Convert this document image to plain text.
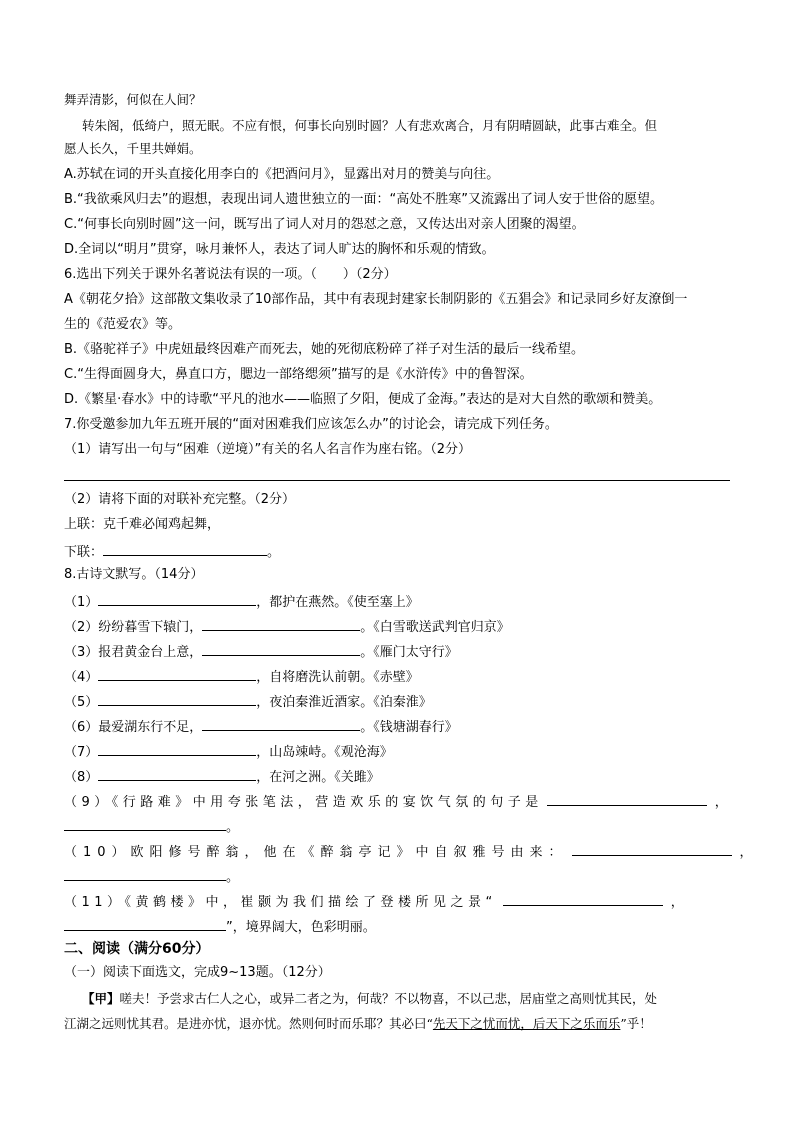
舞弄清影，何似在人间？
转朱阁，低绮户，照无眠。不应有恨，何事长向别时圆？人有悲欢离合，月有阴晴圆缺，此事古难全。但
愿人长久，千里共婵娟。
A.苏轼在词的开头直接化用李白的《把酒问月》，显露出对月的赞美与向往。
B.“我欲乘风归去”的遐想，表现出词人遗世独立的一面：“高处不胜寒”又流露出了词人安于世俗的愿望。
C.“何事长向别时圆”这一问，既写出了词人对月的怨怼之意，又传达出对亲人团聚的渴望。
D.全词以“明月”贯穿，咏月兼怀人，表达了词人旷达的胸怀和乐观的情致。
6.选出下列关于课外名著说法有误的一项。（　　）（2分）
A《朝花夕拾》这部散文集收录了10部作品，其中有表现封建家长制阴影的《五猖会》和记录同乡好友潦倒一
生的《范爱农》等。
B.《骆驼祥子》中虎妞最终因难产而死去，她的死彻底粉碎了祥子对生活的最后一线希望。
C.“生得面圆身大，鼻直口方，腮边一部络缌须”描写的是《水浒传》中的鲁智深。
D.《繁星·春水》中的诗歌“平凡的池水——临照了夕阳，便成了金海。”表达的是对大自然的歌颂和赞美。
7.你受邀参加九年五班开展的“面对困难我们应该怎么办”的讨论会，请完成下列任务。
（1）请写出一句与“困难（逆境）”有关的名人名言作为座右铭。（2分）
（2）请将下面的对联补充完整。（2分）
上联：克千难必闻鸡起舞，
下联：	。
8.古诗文默写。（14分）
（1）	，都护在燕然。《使至塞上》
（2）纷纷暮雪下辕门，	。《白雪歌送武判官归京》
（3）报君黄金台上意，	。《雁门太守行》
（4）	，自将磨洗认前朝。《赤壁》
（5）	，夜泊秦淮近酒家。《泊秦淮》
（6）最爱湖东行不足，	。《钱塘湖春行》
（7）	，山岛竦峙。《观沧海》
（8）	，在河之洲。《关雎》
（9）《行路难》中用夸张笔法，营造欢乐的宴饮气氛的句子是	，
。
（10）欧阳修号醉翁，他在《醉翁亭记》中自叙雅号由来：	，
。
（11）《黄鹤楼》中，崔颢为我们描绘了登楼所见之景“	，
”，境界阔大，色彩明丽。
二、阅读（满分60分）
（一）阅读下面选文，完成9~13题。（12分）
【甲】嗟夫！予尝求古仁人之心，或异二者之为，何哉？不以物喜，不以己悲，居庙堂之高则忧其民，处
江湖之远则忧其君。是进亦忧，退亦忧。然则何时而乐耶？其必曰“先天下之忧而忧，后天下之乐而乐”乎！
